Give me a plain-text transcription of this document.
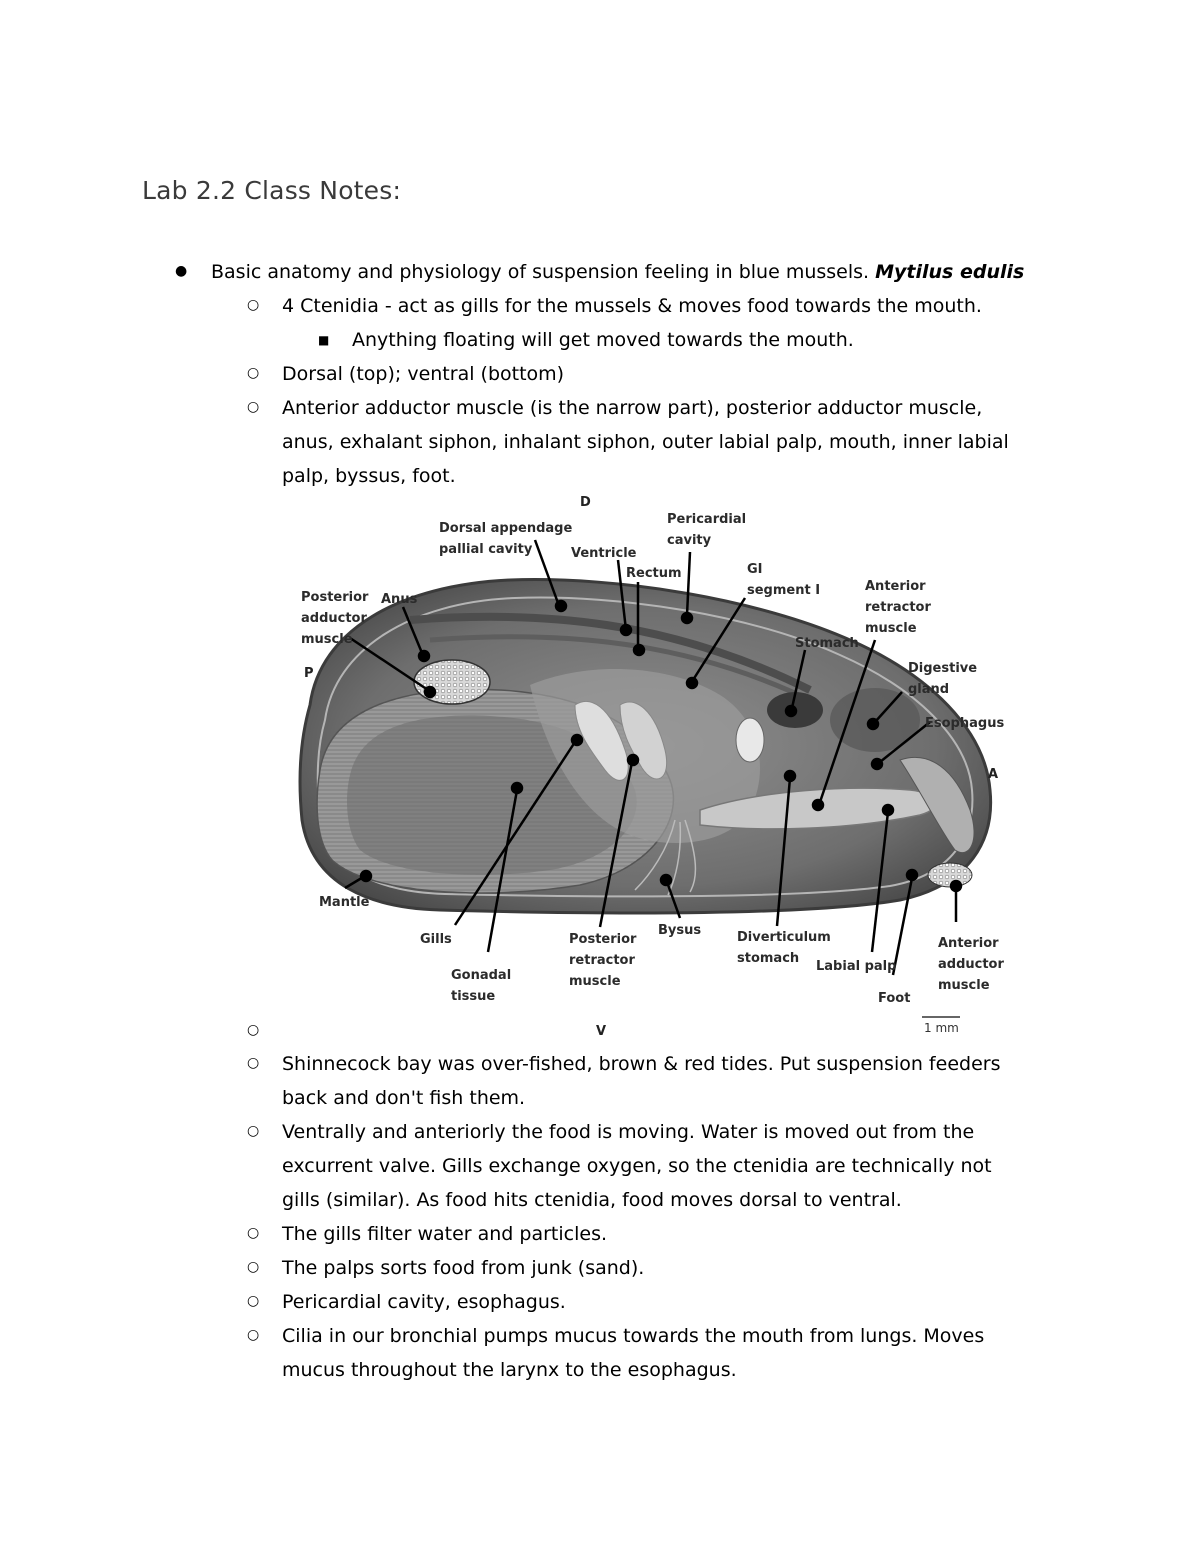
Lab 2.2 Class Notes:
● Basic anatomy and physiology of suspension feeling in blue mussels. Mytilus edulis
○ 4 Ctenidia - act as gills for the mussels & moves food towards the mouth.
■ Anything floating will get moved towards the mouth.
○ Dorsal (top); ventral (bottom)
○ Anterior adductor muscle (is the narrow part), posterior adductor muscle,
anus, exhalant siphon, inhalant siphon, outer labial palp, mouth, inner labial
palp, byssus, foot.
D
V
P
A
1 mm
Dorsal appendage
pallial cavity
Pericardial
cavity
Ventricle
Rectum	GI
segment I
Posterior
adductor
muscle
Anus
Anterior
retractor
muscle
Stomach
Digestive
gland
Esophagus
Mantle
Gills
Gonadal
tissue
Posterior
retractor
muscle
Bysus	Diverticulum
stomach
Labial palp
Foot
Anterior
adductor
muscle
○
○ Shinnecock bay was over-fished, brown & red tides. Put suspension feeders
back and don't fish them.
○ Ventrally and anteriorly the food is moving. Water is moved out from the
excurrent valve. Gills exchange oxygen, so the ctenidia are technically not
gills (similar). As food hits ctenidia, food moves dorsal to ventral.
○ The gills filter water and particles.
○ The palps sorts food from junk (sand).
○ Pericardial cavity, esophagus.
○ Cilia in our bronchial pumps mucus towards the mouth from lungs. Moves
mucus throughout the larynx to the esophagus.
